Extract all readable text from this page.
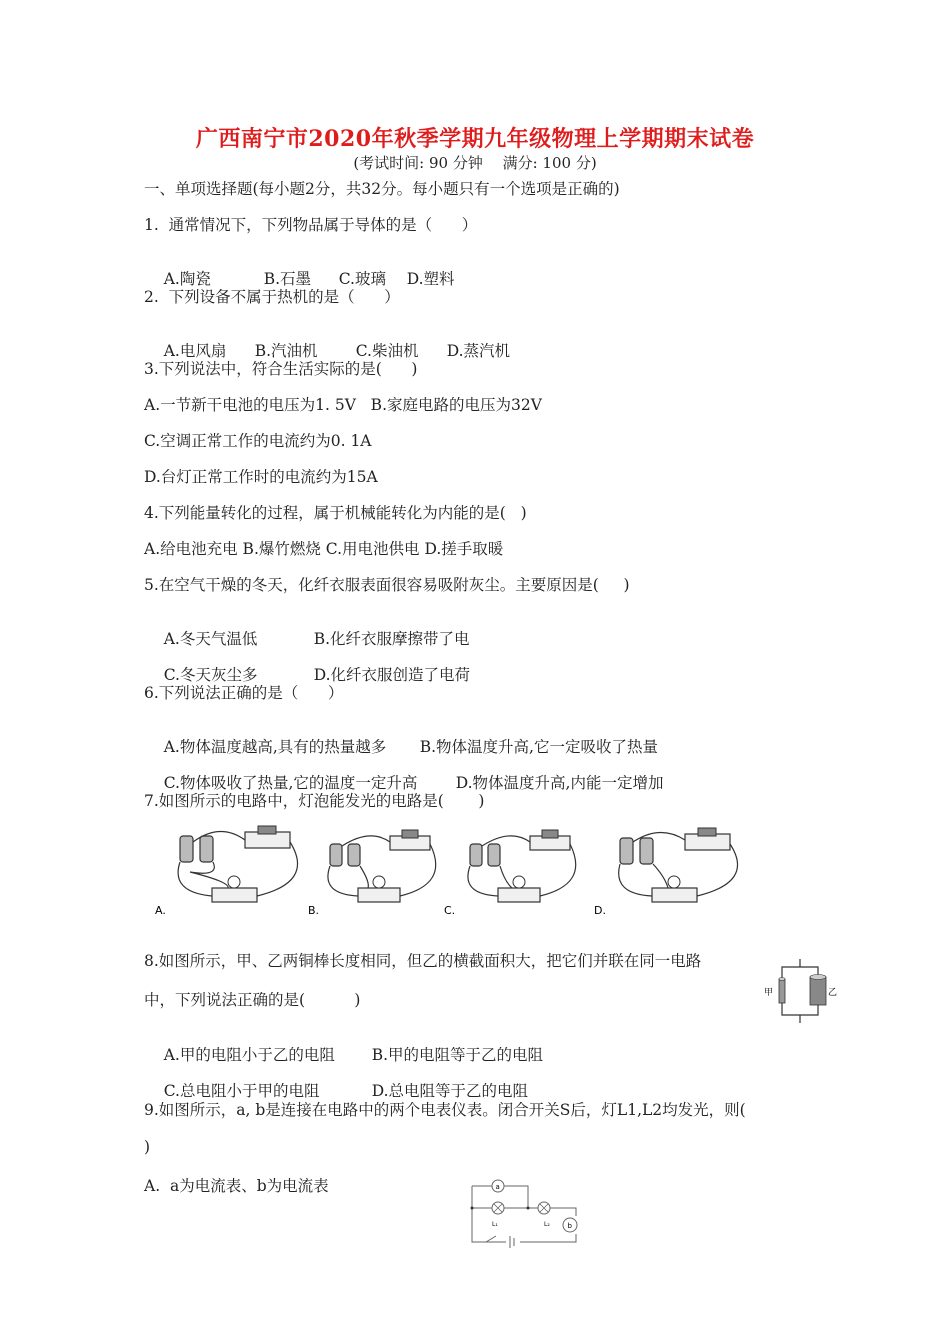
广西南宁市2020年秋季学期九年级物理上学期期末试卷
(考试时间: 90 分钟　 满分: 100 分)
一、单项选择题(每小题2分，共32分。每小题只有一个选项是正确的)
1.  通常情况下，下列物品属于导体的是（      ）

A.陶瓷	B.石墨 C.玻璃 D.塑料

2.  下列设备不属于热机的是（      ）

A.电风扇 B.汽油机 C.柴油机 D.蒸汽机

3.下列说法中，符合生活实际的是(      )
A.一节新干电池的电压为1. 5V   B.家庭电路的电压为32V
C.空调正常工作的电流约为0. 1A
D.台灯正常工作时的电流约为15A
4.下列能量转化的过程，属于机械能转化为内能的是(   )
A.给电池充电 B.爆竹燃烧 C.用电池供电 D.搓手取暖
5.在空气干燥的冬天，化纤衣服表面很容易吸附灰尘。主要原因是(     )

A.冬天气温低	B.化纤衣服摩擦带了电

C.冬天灰尘多	D.化纤衣服创造了电荷

6.下列说法正确的是（      ）

A.物体温度越高,具有的热量越多 B.物体温度升高,它一定吸收了热量

C.物体吸收了热量,它的温度一定升高 D.物体温度升高,内能一定增加

7.如图所示的电路中，灯泡能发光的电路是(       )
A.	B.	C.	D.
8.如图所示，甲、乙两铜棒长度相同，但乙的横截面积大，把它们并联在同一电路
中，下列说法正确的是(          )	甲	乙

A.甲的电阻小于乙的电阻 B.甲的电阻等于乙的电阻

C.总电阻小于甲的电阻	D.总电阻等于乙的电阻

9.如图所示，a, b是连接在电路中的两个电表仪表。闭合开关S后，灯L1,L2均发光，则(
)
A.  a为电流表、b为电流表	a
L₁	L₂	b
